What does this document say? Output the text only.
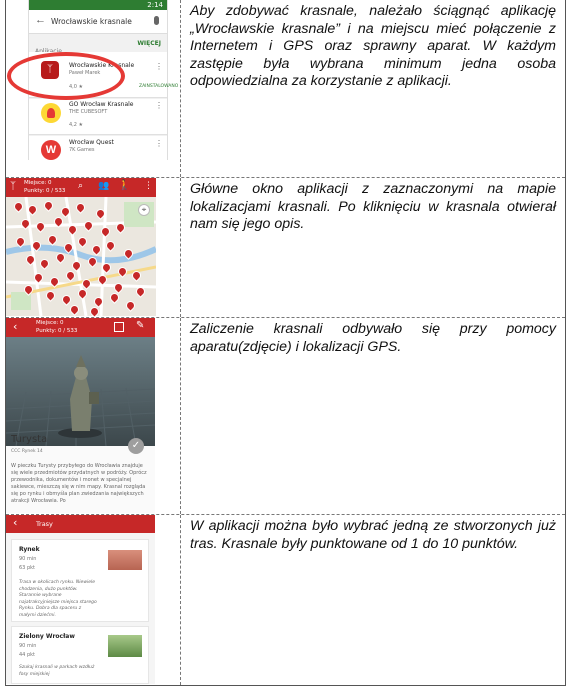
2:14
← Wrocławskie krasnale
WIĘCEJ
ᛉ	Wrocławskie Krasnale
Paweł Marek
4,0 ★	ZAINSTALOWANO
⋮
GO Wrocław Krasnale
THE CUBESOFT
4,2 ★
⋮
W
Wrocław Quest
7K Games
⋮
Aby zdobywać krasnale, należało ściągnąć aplikację „Wrocławskie krasnale” i na miejscu mieć połączenie z Internetem i GPS oraz sprawny aparat. W każdym zastępie była wybrana minimum jedna osoba odpowiedzialna za korzystanie z aplikacji.
ᛉ Miejsce: 0
Punkty: 0 / 533 ⌕ 👥 🚶 ⋮
⌖
Główne okno aplikacji z zaznaczonymi na mapie lokalizacjami krasnali. Po kliknięciu w krasnala otwierał nam się jego opis.
‹	Miejsce: 0
Punkty: 0 / 533	✎
Turysta
CCC Rynek 14
✓
W pieczku Turysty przybyłego do Wrocławia znajduje się wiele przedmiotów przydatnych w podróży. Oprócz przewodnika, dokumentów i monet w specjalnej sakiewce, mieszczą się w nim mapy. Krasnal rozgląda się po rynku i obmyśla plan zwiedzania największych atrakcji Wrocławia. Po
Zaliczenie krasnali odbywało się przy pomocy aparatu(zdjęcie) i lokalizacji GPS.
‹	Trasy
Rynek
90 min
63 pkt
Trasa w okolicach rynku. Niewiele chodzenia, dużo punktów. Starannie wybrane najatrakcyjniejsze miejsca starego Rynku. Dobra dla spaceru z małymi dziećmi.
Zielony Wrocław
90 min
44 pkt
Szukaj krasnali w parkach wzdłuż fosy miejskiej
W aplikacji można było wybrać jedną ze stworzonych już tras. Krasnale były punktowane od 1 do 10 punktów.
